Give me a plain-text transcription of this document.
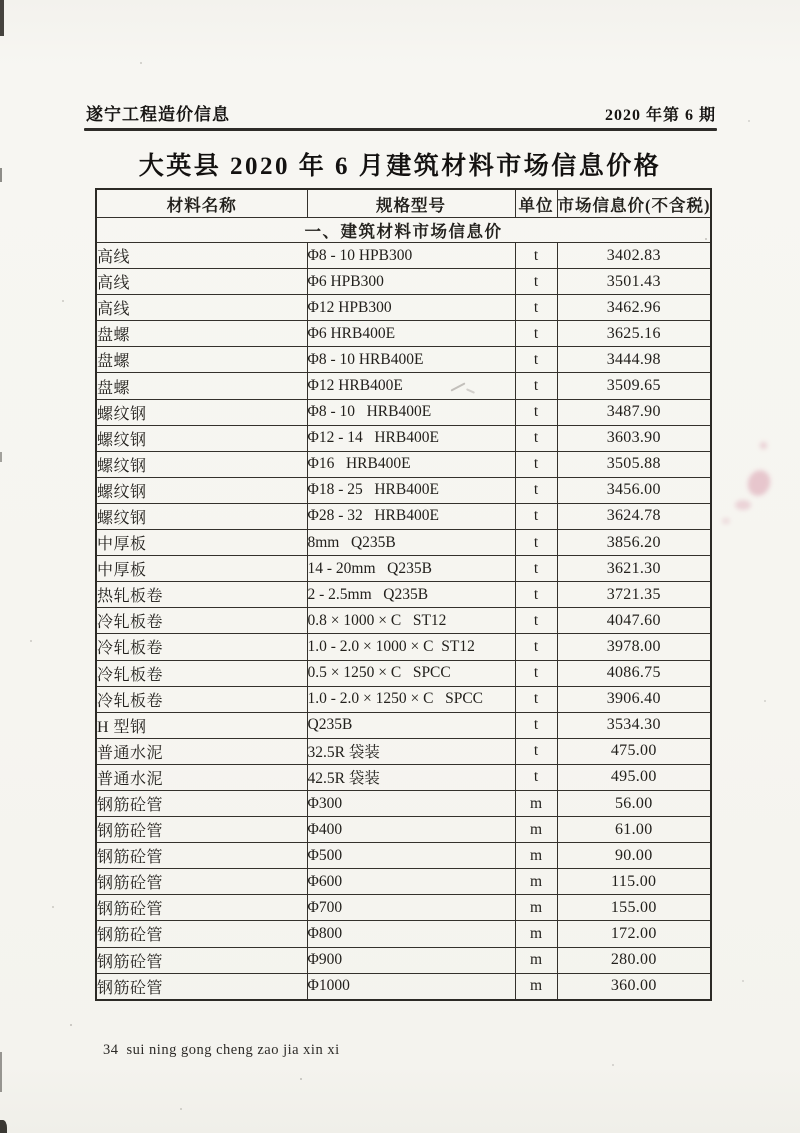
遂宁工程造价信息	2020 年第 6 期
大英县 2020 年 6 月建筑材料市场信息价格
材料名称	规格型号	单位	市场信息价(不含税)
一、建筑材料市场信息价			
高线	Φ8 - 10 HPB300	t	3402.83
高线	Φ6 HPB300	t	3501.43
高线	Φ12 HPB300	t	3462.96
盘螺	Φ6 HRB400E	t	3625.16
盘螺	Φ8 - 10 HRB400E	t	3444.98
盘螺	Φ12 HRB400E	t	3509.65
螺纹钢	Φ8 - 10   HRB400E	t	3487.90
螺纹钢	Φ12 - 14   HRB400E	t	3603.90
螺纹钢	Φ16   HRB400E	t	3505.88
螺纹钢	Φ18 - 25   HRB400E	t	3456.00
螺纹钢	Φ28 - 32   HRB400E	t	3624.78
中厚板	8mm   Q235B	t	3856.20
中厚板	14 - 20mm   Q235B	t	3621.30
热轧板卷	2 - 2.5mm   Q235B	t	3721.35
冷轧板卷	0.8 × 1000 × C   ST12	t	4047.60
冷轧板卷	1.0 - 2.0 × 1000 × C  ST12	t	3978.00
冷轧板卷	0.5 × 1250 × C   SPCC	t	4086.75
冷轧板卷	1.0 - 2.0 × 1250 × C   SPCC	t	3906.40
H 型钢	Q235B	t	3534.30
普通水泥	32.5R 袋装	t	475.00
普通水泥	42.5R 袋装	t	495.00
钢筋砼管	Φ300	m	56.00
钢筋砼管	Φ400	m	61.00
钢筋砼管	Φ500	m	90.00
钢筋砼管	Φ600	m	115.00
钢筋砼管	Φ700	m	155.00
钢筋砼管	Φ800	m	172.00
钢筋砼管	Φ900	m	280.00
钢筋砼管	Φ1000	m	360.00
34 sui ning gong cheng zao jia xin xi
